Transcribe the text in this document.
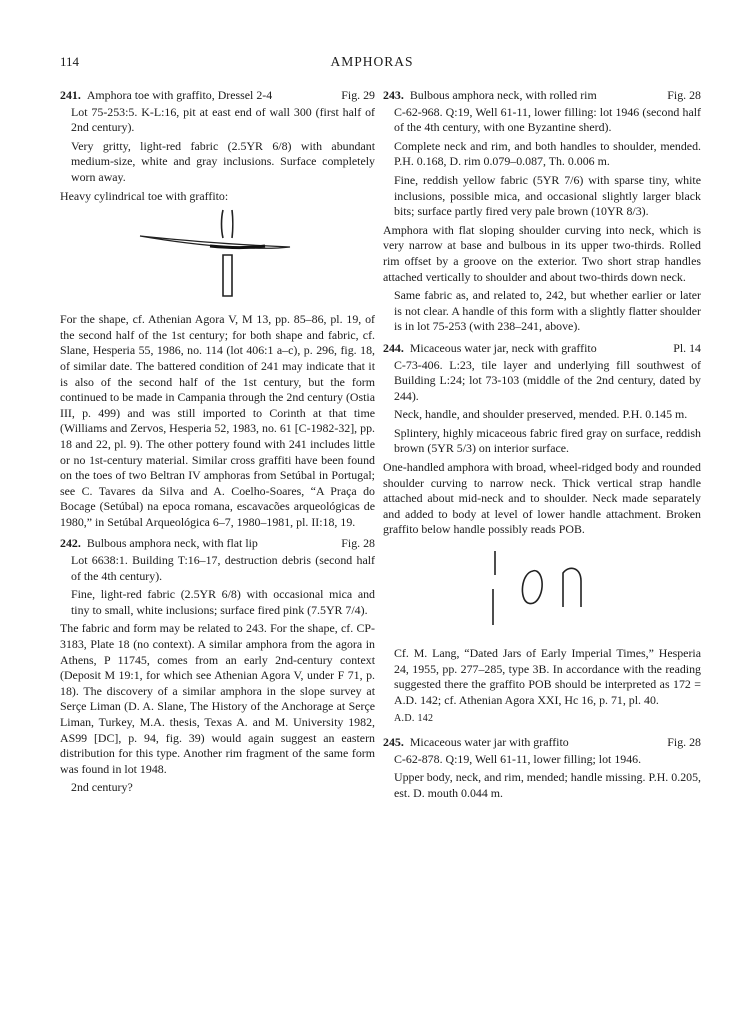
114	AMPHORAS
241. Amphora toe with graffito, Dressel 2-4	Fig. 29

Lot 75-253:5. K-L:16, pit at east end of wall 300 (first half of 2nd century).

Very gritty, light-red fabric (2.5YR 6/8) with abundant medium-size, white and gray inclusions. Surface completely worn away.

Heavy cylindrical toe with graffito:

For the shape, cf. Athenian Agora V, M 13, pp. 85–86, pl. 19, of the second half of the 1st century; for both shape and fabric, cf. Slane, Hesperia 55, 1986, no. 114 (lot 406:1 a–c), p. 296, fig. 18, of similar date. The battered condition of 241 may indicate that it is also of the second half of the 1st century, but the form continued to be made in Campania through the 2nd century (Ostia III, p. 499) and was still imported to Corinth at that time (Williams and Zervos, Hesperia 52, 1983, no. 61 [C-1982-32], pp. 18 and 22, pl. 9). The other pottery found with 241 includes little or no 1st-century material. Similar cross graffiti have been found on the toes of two Beltran IV amphoras from Setúbal in Portugal; see C. Tavares da Silva and A. Coelho-Soares, “A Praça do Bocage (Setúbal) na epoca romana, escavacões arqueológicas de 1980,” in Setúbal Arqueológica 6–7, 1980–1981, pl. II:18, 19.

242. Bulbous amphora neck, with flat lip	Fig. 28

Lot 6638:1. Building T:16–17, destruction debris (second half of the 4th century).

Fine, light-red fabric (2.5YR 6/8) with occasional mica and tiny to small, white inclusions; surface fired pink (7.5YR 7/4).

The fabric and form may be related to 243. For the shape, cf. CP-3183, Plate 18 (no context). A similar amphora from the agora in Athens, P 11745, comes from an early 2nd-century context (Deposit M 19:1, for which see Athenian Agora V, under F 71, p. 18). The discovery of a similar amphora in the slope survey at Serçe Liman (D. A. Slane, The History of the Anchorage at Serçe Liman, Turkey, M.A. thesis, Texas A. and M. University 1982, AS99 [DC], p. 94, fig. 39) would again suggest an eastern distribution for this type. Another rim fragment of the same form was found in lot 1948.

2nd century?

243. Bulbous amphora neck, with rolled rim	Fig. 28

C-62-968. Q:19, Well 61-11, lower filling: lot 1946 (second half of the 4th century, with one Byzantine sherd).

Complete neck and rim, and both handles to shoulder, mended. P.H. 0.168, D. rim 0.079–0.087, Th. 0.006 m.

Fine, reddish yellow fabric (5YR 7/6) with sparse tiny, white inclusions, possible mica, and occasional slightly larger black bits; surface partly fired very pale brown (10YR 8/3).

Amphora with flat sloping shoulder curving into neck, which is very narrow at base and bulbous in its upper two-thirds. Rolled rim offset by a groove on the exterior. Two short strap handles attached vertically to shoulder and about two-thirds down neck.

Same fabric as, and related to, 242, but whether earlier or later is not clear. A handle of this form with a slightly flatter shoulder is in lot 75-253 (with 238–241, above).

244. Micaceous water jar, neck with graffito	Pl. 14

C-73-406. L:23, tile layer and underlying fill southwest of Building L:24; lot 73-103 (middle of the 2nd century, dated by 244).

Neck, handle, and shoulder preserved, mended. P.H. 0.145 m.

Splintery, highly micaceous fabric fired gray on surface, reddish brown (5YR 5/3) on interior surface.

One-handled amphora with broad, wheel-ridged body and rounded shoulder curving to narrow neck. Thick vertical strap handle attached about mid-neck and to shoulder. Neck made separately and added to body at level of lower handle attachment. Broken graffito below handle possibly reads POB.

Cf. M. Lang, “Dated Jars of Early Imperial Times,” Hesperia 24, 1955, pp. 277–285, type 3B. In accordance with the reading suggested there the graffito POB should be interpreted as 172 = A.D. 142; cf. Athenian Agora XXI, Hc 16, p. 71, pl. 40.

A.D. 142

245. Micaceous water jar with graffito	Fig. 28

C-62-878. Q:19, Well 61-11, lower filling; lot 1946.

Upper body, neck, and rim, mended; handle missing. P.H. 0.205, est. D. mouth 0.044 m.
